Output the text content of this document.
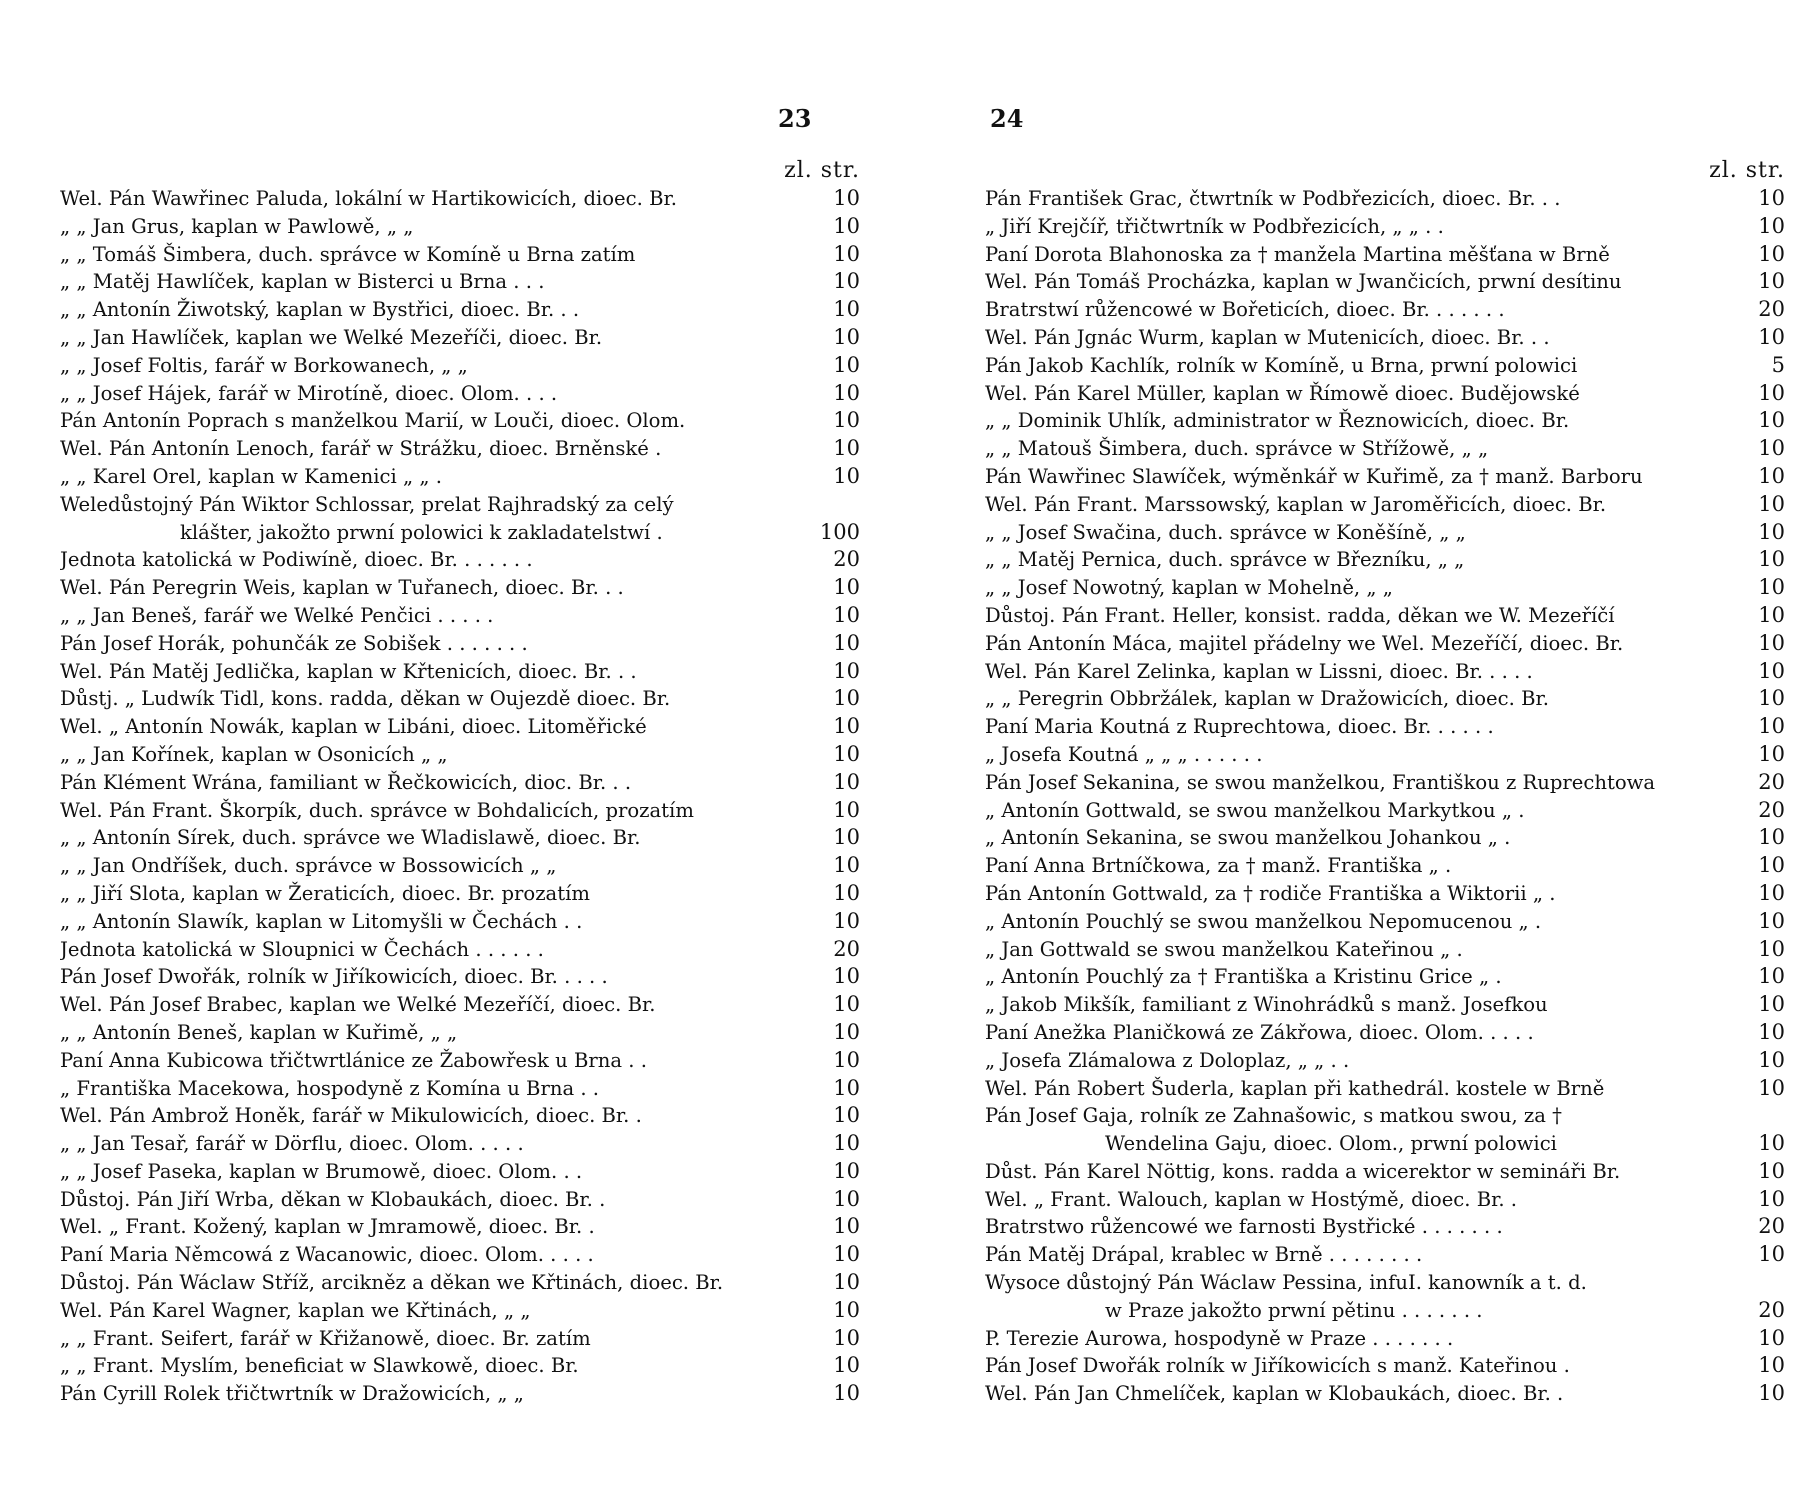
23
zl. str.
Wel. Pán Wawřinec Paluda, lokální w Hartikowicích, dioec. Br.	10
„ „ Jan Grus, kaplan w Pawlowě, „ „	10
„ „ Tomáš Šimbera, duch. správce w Komíně u Brna zatím	10
„ „ Matěj Hawlíček, kaplan w Bisterci u Brna . . .	10
„ „ Antonín Žiwotský, kaplan w Bystřici, dioec. Br. . .	10
„ „ Jan Hawlíček, kaplan we Welké Mezeříči, dioec. Br.	10
„ „ Josef Foltis, farář w Borkowanech, „ „	10
„ „ Josef Hájek, farář w Mirotíně, dioec. Olom. . . .	10
Pán Antonín Poprach s manželkou Marií, w Louči, dioec. Olom.	10
Wel. Pán Antonín Lenoch, farář w Strážku, dioec. Brněnské .	10
„ „ Karel Orel, kaplan w Kamenici „ „ .	10
Weledůstojný Pán Wiktor Schlossar, prelat Rajhradský za celý
klášter, jakožto prwní polowici k zakladatelstwí .	100
Jednota katolická w Podiwíně, dioec. Br. . . . . . .	20
Wel. Pán Peregrin Weis, kaplan w Tuřanech, dioec. Br. . .	10
„ „ Jan Beneš, farář we Welké Penčici . . . . .	10
Pán Josef Horák, pohunčák ze Sobišek . . . . . . .	10
Wel. Pán Matěj Jedlička, kaplan w Křtenicích, dioec. Br. . .	10
Důstj. „ Ludwík Tidl, kons. radda, děkan w Oujezdě dioec. Br.	10
Wel. „ Antonín Nowák, kaplan w Libáni, dioec. Litoměřické	10
„ „ Jan Kořínek, kaplan w Osonicích „ „	10
Pán Klément Wrána, familiant w Řečkowicích, dioc. Br. . .	10
Wel. Pán Frant. Škorpík, duch. správce w Bohdalicích, prozatím	10
„ „ Antonín Sírek, duch. správce we Wladislawě, dioec. Br.	10
„ „ Jan Ondříšek, duch. správce w Bossowicích „ „	10
„ „ Jiří Slota, kaplan w Žeraticích, dioec. Br. prozatím	10
„ „ Antonín Slawík, kaplan w Litomyšli w Čechách . .	10
Jednota katolická w Sloupnici w Čechách . . . . . .	20
Pán Josef Dwořák, rolník w Jiříkowicích, dioec. Br. . . . .	10
Wel. Pán Josef Brabec, kaplan we Welké Mezeříčí, dioec. Br.	10
„ „ Antonín Beneš, kaplan w Kuřimě, „ „	10
Paní Anna Kubicowa třičtwrtlánice ze Žabowřesk u Brna . .	10
„ Františka Macekowa, hospodyně z Komína u Brna . .	10
Wel. Pán Ambrož Honěk, farář w Mikulowicích, dioec. Br. .	10
„ „ Jan Tesař, farář w Dörflu, dioec. Olom. . . . .	10
„ „ Josef Paseka, kaplan w Brumowě, dioec. Olom. . .	10
Důstoj. Pán Jiří Wrba, děkan w Klobaukách, dioec. Br. .	10
Wel. „ Frant. Kožený, kaplan w Jmramowě, dioec. Br. .	10
Paní Maria Němcowá z Wacanowic, dioec. Olom. . . . .	10
Důstoj. Pán Wáclaw Stříž, arcikněz a děkan we Křtinách, dioec. Br.	10
Wel. Pán Karel Wagner, kaplan we Křtinách, „ „	10
„ „ Frant. Seifert, farář w Křižanowě, dioec. Br. zatím	10
„ „ Frant. Myslím, beneficiat w Slawkowě, dioec. Br.	10
Pán Cyrill Rolek třičtwrtník w Dražowicích, „ „	10
24
zl. str.
Pán František Grac, čtwrtník w Podbřezicích, dioec. Br. . .	10
„ Jiří Krejčíř, třičtwrtník w Podbřezicích, „ „ . .	10
Paní Dorota Blahonoska za † manžela Martina měšťana w Brně	10
Wel. Pán Tomáš Procházka, kaplan w Jwančicích, prwní desítinu	10
Bratrstwí růžencowé w Bořeticích, dioec. Br. . . . . . .	20
Wel. Pán Jgnác Wurm, kaplan w Mutenicích, dioec. Br. . .	10
Pán Jakob Kachlík, rolník w Komíně, u Brna, prwní polowici	5
Wel. Pán Karel Müller, kaplan w Římowě dioec. Budějowské	10
„ „ Dominik Uhlík, administrator w Řeznowicích, dioec. Br.	10
„ „ Matouš Šimbera, duch. správce w Střížowě, „ „	10
Pán Wawřinec Slawíček, wýměnkář w Kuřimě, za † manž. Barboru	10
Wel. Pán Frant. Marssowský, kaplan w Jaroměřicích, dioec. Br.	10
„ „ Josef Swačina, duch. správce w Koněšíně, „ „	10
„ „ Matěj Pernica, duch. správce w Březníku, „ „	10
„ „ Josef Nowotný, kaplan w Mohelně, „ „	10
Důstoj. Pán Frant. Heller, konsist. radda, děkan we W. Mezeříčí	10
Pán Antonín Máca, majitel přádelny we Wel. Mezeříčí, dioec. Br.	10
Wel. Pán Karel Zelinka, kaplan w Lissni, dioec. Br. . . . .	10
„ „ Peregrin Obbržálek, kaplan w Dražowicích, dioec. Br.	10
Paní Maria Koutná z Ruprechtowa, dioec. Br. . . . . .	10
„ Josefa Koutná „ „ „ . . . . . .	10
Pán Josef Sekanina, se swou manželkou, Františkou z Ruprechtowa	20
„ Antonín Gottwald, se swou manželkou Markytkou „ .	20
„ Antonín Sekanina, se swou manželkou Johankou „ .	10
Paní Anna Brtníčkowa, za † manž. Františka „ .	10
Pán Antonín Gottwald, za † rodiče Františka a Wiktorii „ .	10
„ Antonín Pouchlý se swou manželkou Nepomucenou „ .	10
„ Jan Gottwald se swou manželkou Kateřinou „ .	10
„ Antonín Pouchlý za † Františka a Kristinu Grice „ .	10
„ Jakob Mikšík, familiant z Winohrádků s manž. Josefkou	10
Paní Anežka Planičkowá ze Zákřowa, dioec. Olom. . . . .	10
„ Josefa Zlámalowa z Doloplaz, „ „ . .	10
Wel. Pán Robert Šuderla, kaplan při kathedrál. kostele w Brně	10
Pán Josef Gaja, rolník ze Zahnašowic, s matkou swou, za †
Wendelina Gaju, dioec. Olom., prwní polowici	10
Důst. Pán Karel Nöttig, kons. radda a wicerektor w semináři Br.	10
Wel. „ Frant. Walouch, kaplan w Hostýmě, dioec. Br. .	10
Bratrstwo růžencowé we farnosti Bystřické . . . . . . .	20
Pán Matěj Drápal, krablec w Brně . . . . . . . .	10
Wysoce důstojný Pán Wáclaw Pessina, infuI. kanowník a t. d.
w Praze jakožto prwní pětinu . . . . . . .	20
P. Terezie Aurowa, hospodyně w Praze . . . . . . .	10
Pán Josef Dwořák rolník w Jiříkowicích s manž. Kateřinou .	10
Wel. Pán Jan Chmelíček, kaplan w Klobaukách, dioec. Br. .	10
